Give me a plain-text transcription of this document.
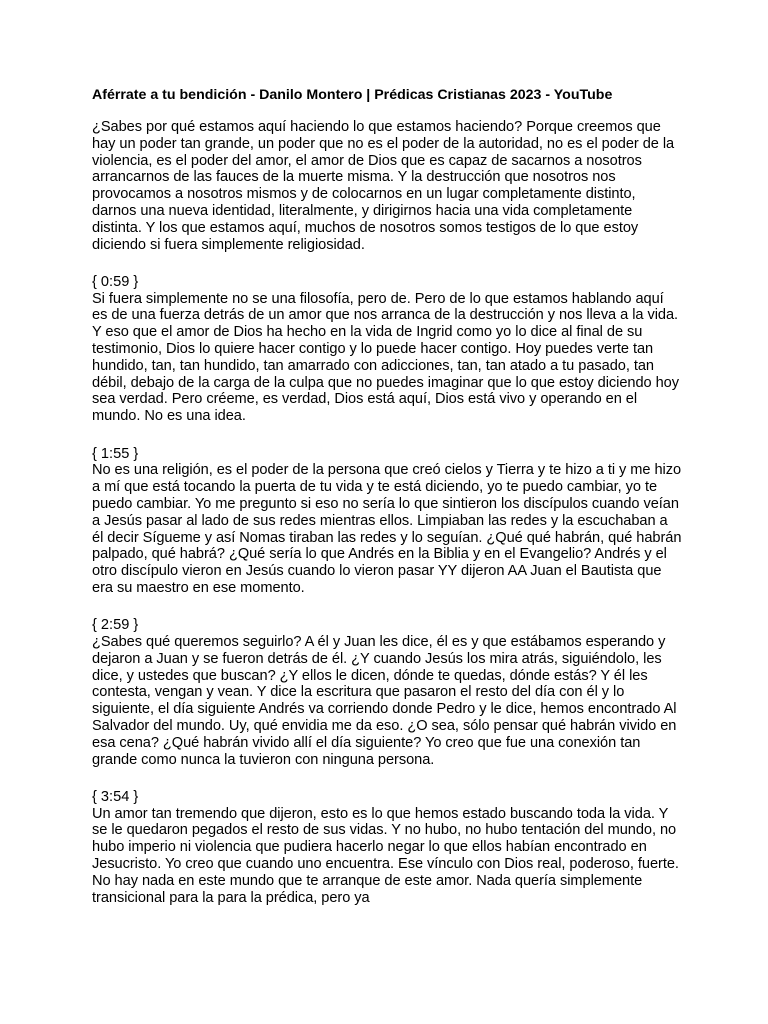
Aférrate a tu bendición - Danilo Montero | Prédicas Cristianas 2023 - YouTube

¿Sabes por qué estamos aquí haciendo lo que estamos haciendo? Porque creemos que hay un poder tan grande, un poder que no es el poder de la autoridad, no es el poder de la violencia, es el poder del amor, el amor de Dios que es capaz de sacarnos a nosotros arrancarnos de las fauces de la muerte misma. Y la destrucción que nosotros nos provocamos a nosotros mismos y de colocarnos en un lugar completamente distinto, darnos una nueva identidad, literalmente, y dirigirnos hacia una vida completamente distinta. Y los que estamos aquí, muchos de nosotros somos testigos de lo que estoy diciendo si fuera simplemente religiosidad.

{ 0:59 }

Si fuera simplemente no se una filosofía, pero de. Pero de lo que estamos hablando aquí es de una fuerza detrás de un amor que nos arranca de la destrucción y nos lleva a la vida. Y eso que el amor de Dios ha hecho en la vida de Ingrid como yo lo dice al final de su testimonio, Dios lo quiere hacer contigo y lo puede hacer contigo. Hoy puedes verte tan hundido, tan, tan hundido, tan amarrado con adicciones, tan, tan atado a tu pasado, tan débil, debajo de la carga de la culpa que no puedes imaginar que lo que estoy diciendo hoy sea verdad. Pero créeme, es verdad, Dios está aquí, Dios está vivo y operando en el mundo. No es una idea.

{ 1:55 }

No es una religión, es el poder de la persona que creó cielos y Tierra y te hizo a ti y me hizo a mí que está tocando la puerta de tu vida y te está diciendo, yo te puedo cambiar, yo te puedo cambiar. Yo me pregunto si eso no sería lo que sintieron los discípulos cuando veían a Jesús pasar al lado de sus redes mientras ellos. Limpiaban las redes y la escuchaban a él decir Sígueme y así Nomas tiraban las redes y lo seguían. ¿Qué qué habrán, qué habrán palpado, qué habrá? ¿Qué sería lo que Andrés en la Biblia y en el Evangelio? Andrés y el otro discípulo vieron en Jesús cuando lo vieron pasar YY dijeron AA Juan el Bautista que era su maestro en ese momento.

{ 2:59 }

¿Sabes qué queremos seguirlo? A él y Juan les dice, él es y que estábamos esperando y dejaron a Juan y se fueron detrás de él. ¿Y cuando Jesús los mira atrás, siguiéndolo, les dice, y ustedes que buscan? ¿Y ellos le dicen, dónde te quedas, dónde estás? Y él les contesta, vengan y vean. Y dice la escritura que pasaron el resto del día con él y lo siguiente, el día siguiente Andrés va corriendo donde Pedro y le dice, hemos encontrado Al Salvador del mundo. Uy, qué envidia me da eso. ¿O sea, sólo pensar qué habrán vivido en esa cena? ¿Qué habrán vivido allí el día siguiente? Yo creo que fue una conexión tan grande como nunca la tuvieron con ninguna persona.

{ 3:54 }

Un amor tan tremendo que dijeron, esto es lo que hemos estado buscando toda la vida. Y se le quedaron pegados el resto de sus vidas. Y no hubo, no hubo tentación del mundo, no hubo imperio ni violencia que pudiera hacerlo negar lo que ellos habían encontrado en Jesucristo. Yo creo que cuando uno encuentra. Ese vínculo con Dios real, poderoso, fuerte. No hay nada en este mundo que te arranque de este amor. Nada quería simplemente transicional para la para la prédica, pero ya
